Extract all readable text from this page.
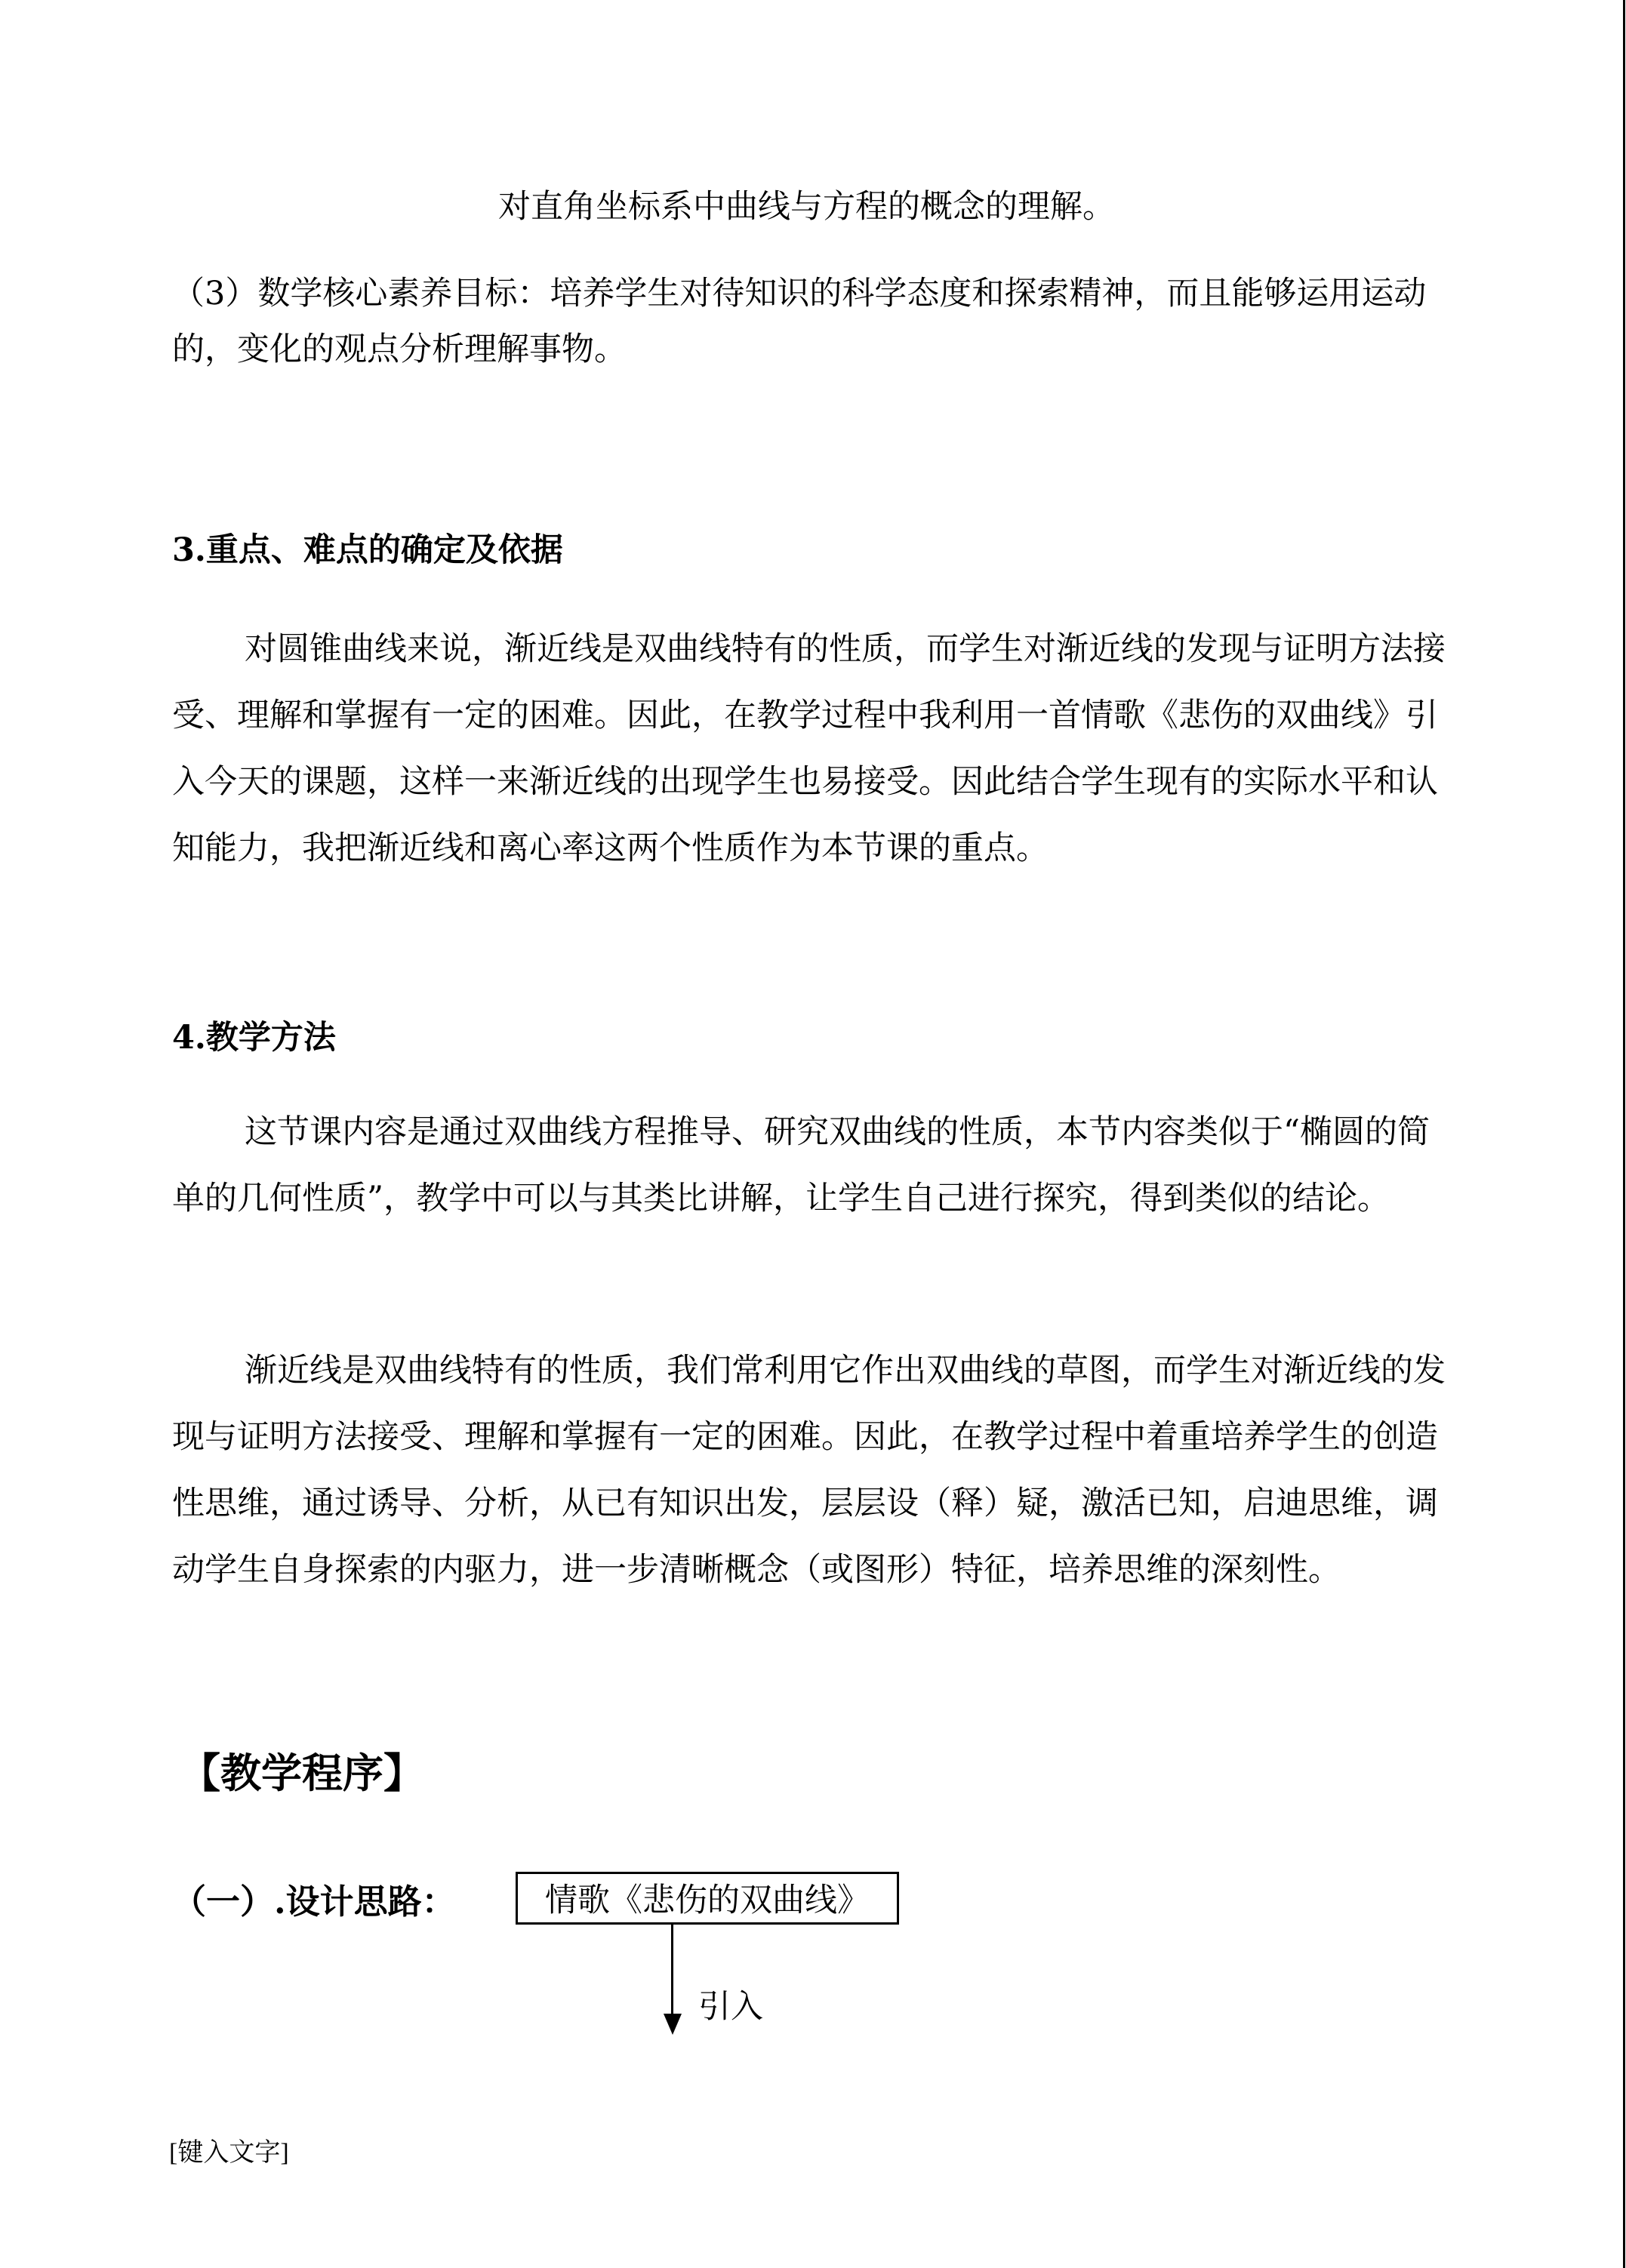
对直角坐标系中曲线与方程的概念的理解。

（3）数学核心素养目标：培养学生对待知识的科学态度和探索精神，而且能够运用运动的，变化的观点分析理解事物。

3.重点、难点的确定及依据

对圆锥曲线来说，渐近线是双曲线特有的性质，而学生对渐近线的发现与证明方法接受、理解和掌握有一定的困难。因此，在教学过程中我利用一首情歌《悲伤的双曲线》引入今天的课题，这样一来渐近线的出现学生也易接受。因此结合学生现有的实际水平和认知能力，我把渐近线和离心率这两个性质作为本节课的重点。

4.教学方法

这节课内容是通过双曲线方程推导、研究双曲线的性质，本节内容类似于“椭圆的简单的几何性质”，教学中可以与其类比讲解，让学生自己进行探究，得到类似的结论。

渐近线是双曲线特有的性质，我们常利用它作出双曲线的草图，而学生对渐近线的发现与证明方法接受、理解和掌握有一定的困难。因此，在教学过程中着重培养学生的创造性思维，通过诱导、分析，从已有知识出发，层层设（释）疑，激活已知，启迪思维，调动学生自身探索的内驱力，进一步清晰概念（或图形）特征，培养思维的深刻性。

【教学程序】

（一）.设计思路：	情歌《悲伤的双曲线》
引入
[键入文字]
